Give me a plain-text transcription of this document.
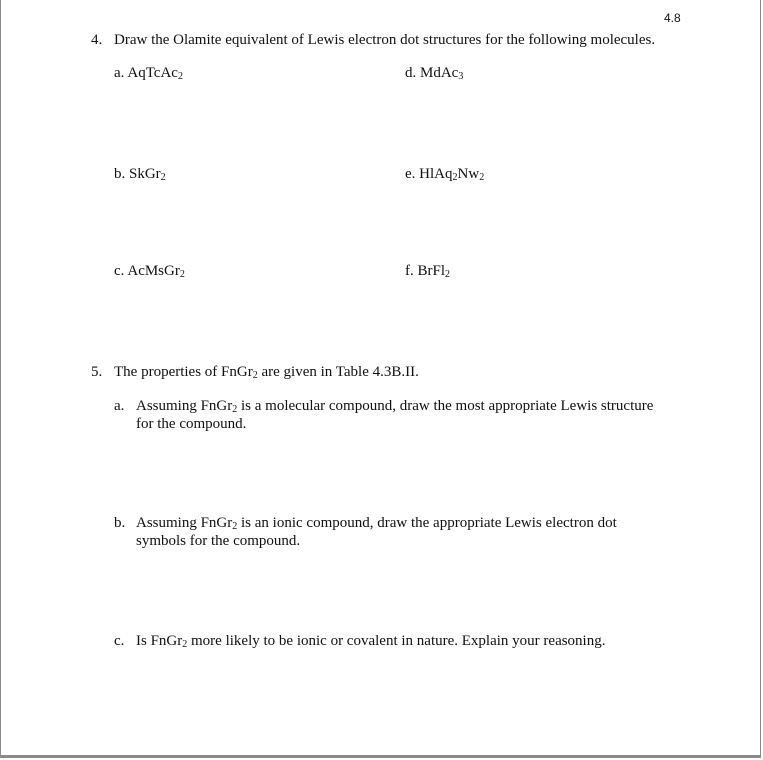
4.8
4. Draw the Olamite equivalent of Lewis electron dot structures for the following molecules.
a. AqTcAc$_2$	d. MdAc$_3$
b. SkGr$_2$	e. $HlAq_2Nw_2$
c. AcMsGr$_2$	f. BrFl$_2$
5. The properties of FnGr$_2$ are given in Table 4.3B.II.
a. Assuming FnGr$_2$ is a molecular compound, draw the most appropriate Lewis structure for the compound.
b. Assuming FnGr$_2$ is an ionic compound, draw the appropriate Lewis electron dot symbols for the compound.
c. Is FnGr$_2$ more likely to be ionic or covalent in nature. Explain your reasoning.
